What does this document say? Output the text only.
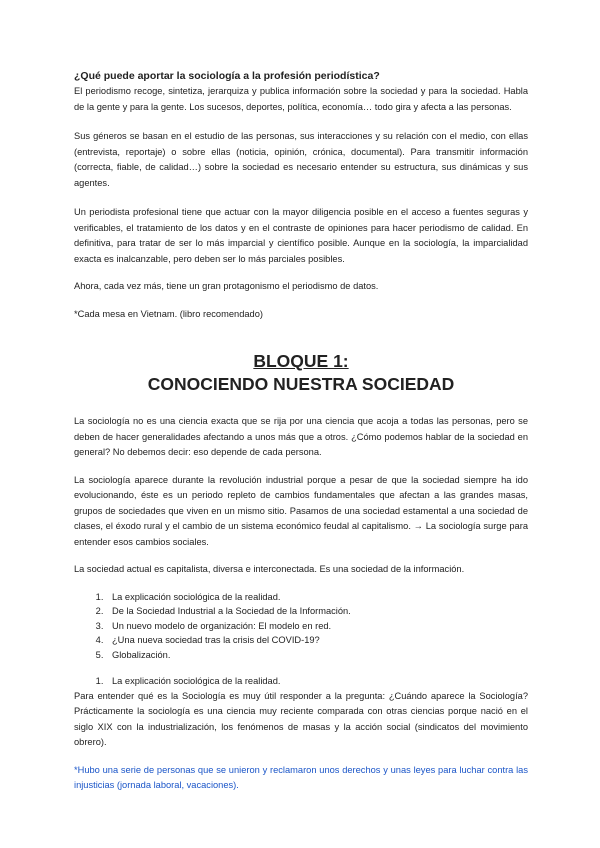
¿Qué puede aportar la sociología a la profesión periodística?

El periodismo recoge, sintetiza, jerarquiza y publica información sobre la sociedad y para la sociedad. Habla de la gente y para la gente. Los sucesos, deportes, política, economía… todo gira y afecta a las personas.

Sus géneros se basan en el estudio de las personas, sus interacciones y su relación con el medio, con ellas (entrevista, reportaje) o sobre ellas (noticia, opinión, crónica, documental). Para transmitir información (correcta, fiable, de calidad…) sobre la sociedad es necesario entender su estructura, sus dinámicas y sus agentes.

Un periodista profesional tiene que actuar con la mayor diligencia posible en el acceso a fuentes seguras y verificables, el tratamiento de los datos y en el contraste de opiniones para hacer periodismo de calidad. En definitiva, para tratar de ser lo más imparcial y científico posible. Aunque en la sociología, la imparcialidad exacta es inalcanzable, pero deben ser lo más parciales posibles.

Ahora, cada vez más, tiene un gran protagonismo el periodismo de datos.

*Cada mesa en Vietnam. (libro recomendado)

BLOQUE 1:
CONOCIENDO NUESTRA SOCIEDAD

La sociología no es una ciencia exacta que se rija por una ciencia que acoja a todas las personas, pero se deben de hacer generalidades afectando a unos más que a otros. ¿Cómo podemos hablar de la sociedad en general? No debemos decir: eso depende de cada persona.

La sociología aparece durante la revolución industrial porque a pesar de que la sociedad siempre ha ido evolucionando, éste es un periodo repleto de cambios fundamentales que afectan a las grandes masas, grupos de sociedades que viven en un mismo sitio. Pasamos de una sociedad estamental a una sociedad de clases, el éxodo rural y el cambio de un sistema económico feudal al capitalismo. → La sociología surge para entender esos cambios sociales.

La sociedad actual es capitalista, diversa e interconectada. Es una sociedad de la información.

1. La explicación sociológica de la realidad.
2. De la Sociedad Industrial a la Sociedad de la Información.
3. Un nuevo modelo de organización: El modelo en red.
4. ¿Una nueva sociedad tras la crisis del COVID-19?
5. Globalización.
1. La explicación sociológica de la realidad.

Para entender qué es la Sociología es muy útil responder a la pregunta: ¿Cuándo aparece la Sociología? Prácticamente la sociología es una ciencia muy reciente comparada con otras ciencias porque nació en el siglo XIX con la industrialización, los fenómenos de masas y la acción social (sindicatos del movimiento obrero).

*Hubo una serie de personas que se unieron y reclamaron unos derechos y unas leyes para luchar contra las injusticias (jornada laboral, vacaciones).
